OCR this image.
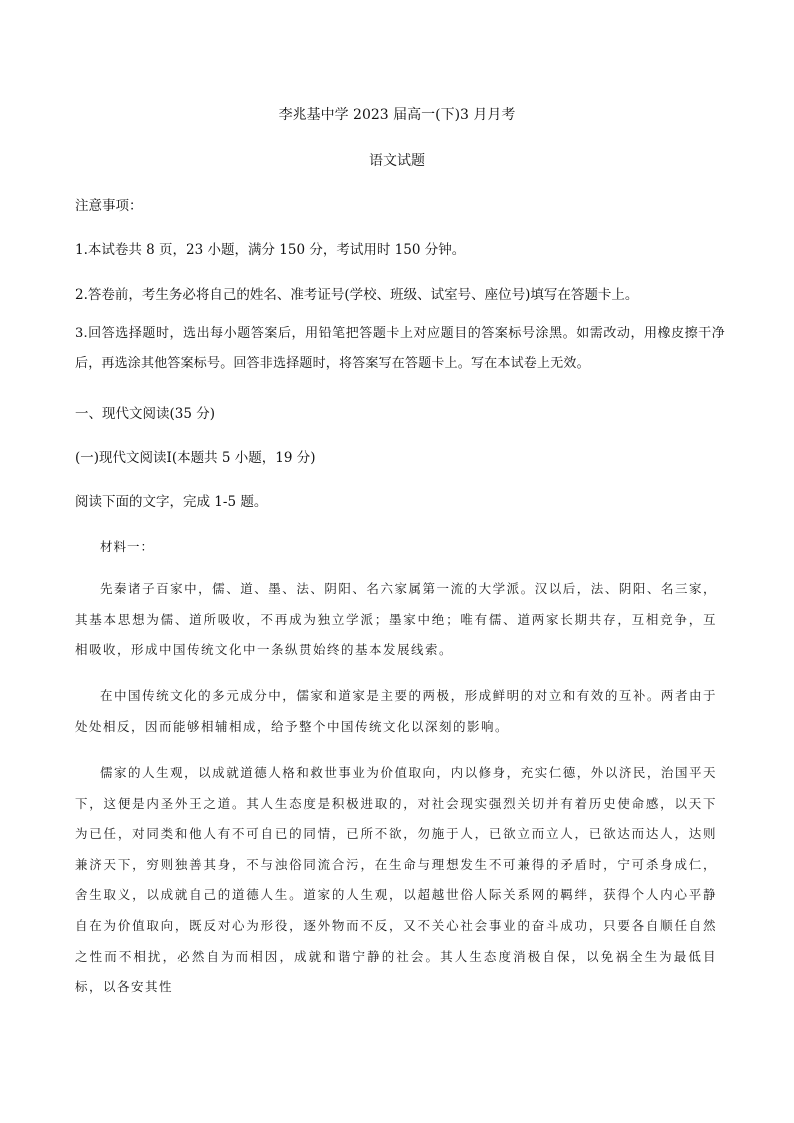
李兆基中学 2023 届高一(下)3 月月考
语文试题
注意事项：
1.本试卷共 8 页，23 小题，满分 150 分，考试用时 150 分钟。
2.答卷前，考生务必将自己的姓名、准考证号(学校、班级、试室号、座位号)填写在答题卡上。
3.回答选择题时，选出每小题答案后，用铅笔把答题卡上对应题目的答案标号涂黑。如需改动，用橡皮擦干净后，再选涂其他答案标号。回答非选择题时，将答案写在答题卡上。写在本试卷上无效。
一、现代文阅读(35 分)
(一)现代文阅读Ⅰ(本题共 5 小题，19 分)
阅读下面的文字，完成 1-5 题。
材料一：
先秦诸子百家中，儒、道、墨、法、阴阳、名六家属第一流的大学派。汉以后，法、阴阳、名三家，其基本思想为儒、道所吸收，不再成为独立学派；墨家中绝；唯有儒、道两家长期共存，互相竞争，互相吸收，形成中国传统文化中一条纵贯始终的基本发展线索。
在中国传统文化的多元成分中，儒家和道家是主要的两极，形成鲜明的对立和有效的互补。两者由于处处相反，因而能够相辅相成，给予整个中国传统文化以深刻的影响。
儒家的人生观，以成就道德人格和救世事业为价值取向，内以修身，充实仁德，外以济民，治国平天下，这便是内圣外王之道。其人生态度是积极进取的，对社会现实强烈关切并有着历史使命感，以天下为已任，对同类和他人有不可自已的同情，已所不欲，勿施于人，已欲立而立人，已欲达而达人，达则兼济天下，穷则独善其身，不与浊俗同流合污，在生命与理想发生不可兼得的矛盾时，宁可杀身成仁，舍生取义，以成就自己的道德人生。道家的人生观，以超越世俗人际关系网的羁绊，获得个人内心平静自在为价值取向，既反对心为形役，逐外物而不反，又不关心社会事业的奋斗成功，只要各自顺任自然之性而不相扰，必然自为而相因，成就和谐宁静的社会。其人生态度消极自保，以免祸全生为最低目标，以各安其性
